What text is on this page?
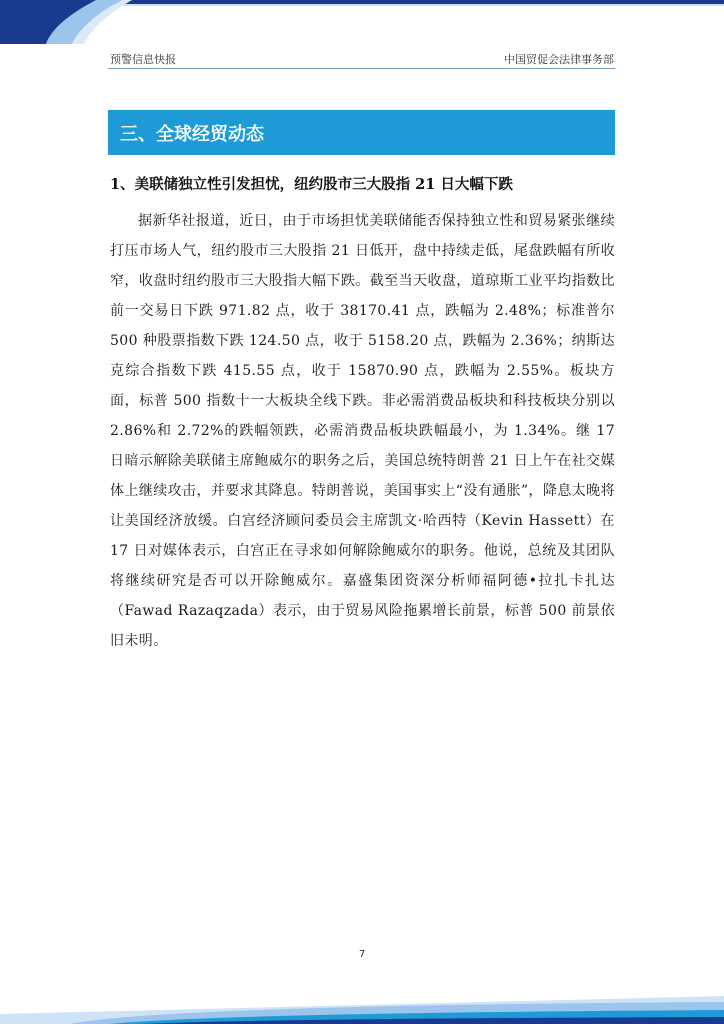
预警信息快报	中国贸促会法律事务部
三、全球经贸动态
1、美联储独立性引发担忧，纽约股市三大股指 21 日大幅下跌

据新华社报道，近日，由于市场担忧美联储能否保持独立性和贸易紧张继续打压市场人气，纽约股市三大股指 21 日低开，盘中持续走低，尾盘跌幅有所收窄，收盘时纽约股市三大股指大幅下跌。截至当天收盘，道琼斯工业平均指数比前一交易日下跌 971.82 点，收于 38170.41 点，跌幅为 2.48%；标准普尔 500 种股票指数下跌 124.50 点，收于 5158.20 点，跌幅为 2.36%；纳斯达克综合指数下跌 415.55 点，收于 15870.90 点，跌幅为 2.55%。板块方面，标普 500 指数十一大板块全线下跌。非必需消费品板块和科技板块分别以 2.86%和 2.72%的跌幅领跌，必需消费品板块跌幅最小，为 1.34%。继 17 日暗示解除美联储主席鲍威尔的职务之后，美国总统特朗普 21 日上午在社交媒体上继续攻击，并要求其降息。特朗普说，美国事实上“没有通胀”，降息太晚将让美国经济放缓。白宫经济顾问委员会主席凯文·哈西特（Kevin Hassett）在 17 日对媒体表示，白宫正在寻求如何解除鲍威尔的职务。他说，总统及其团队将继续研究是否可以开除鲍威尔。嘉盛集团资深分析师福阿德•拉扎卡扎达（Fawad Razaqzada）表示，由于贸易风险拖累增长前景，标普 500 前景依旧未明。

7
